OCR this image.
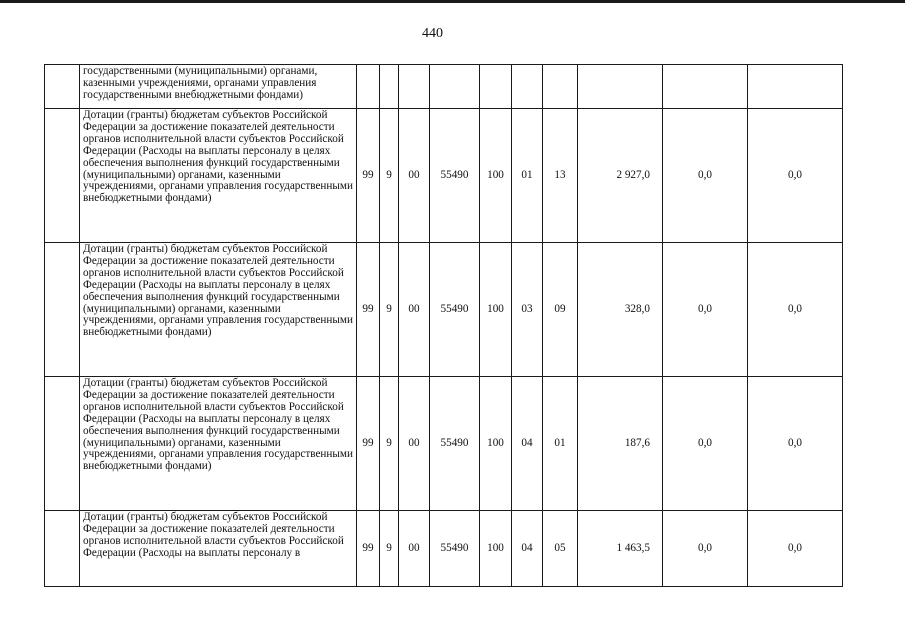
440
	государственными (муниципальными) органами, казенными учреждениями, органами управления государственными внебюджетными фондами)										
	Дотации (гранты) бюджетам субъектов Российской Федерации за достижение показателей деятельности органов исполнительной власти субъектов Российской Федерации (Расходы на выплаты персоналу в целях обеспечения выполнения функций государственными (муниципальными) органами, казенными учреждениями, органами управления государственными внебюджетными фондами)	99	9	00	55490	100	01	13	2 927,0	0,0	0,0
	Дотации (гранты) бюджетам субъектов Российской Федерации за достижение показателей деятельности органов исполнительной власти субъектов Российской Федерации (Расходы на выплаты персоналу в целях обеспечения выполнения функций государственными (муниципальными) органами, казенными учреждениями, органами управления государственными внебюджетными фондами)	99	9	00	55490	100	03	09	328,0	0,0	0,0
	Дотации (гранты) бюджетам субъектов Российской Федерации за достижение показателей деятельности органов исполнительной власти субъектов Российской Федерации (Расходы на выплаты персоналу в целях обеспечения выполнения функций государственными (муниципальными) органами, казенными учреждениями, органами управления государственными внебюджетными фондами)	99	9	00	55490	100	04	01	187,6	0,0	0,0
	Дотации (гранты) бюджетам субъектов Российской Федерации за достижение показателей деятельности органов исполнительной власти субъектов Российской Федерации (Расходы на выплаты персоналу в	99	9	00	55490	100	04	05	1 463,5	0,0	0,0
